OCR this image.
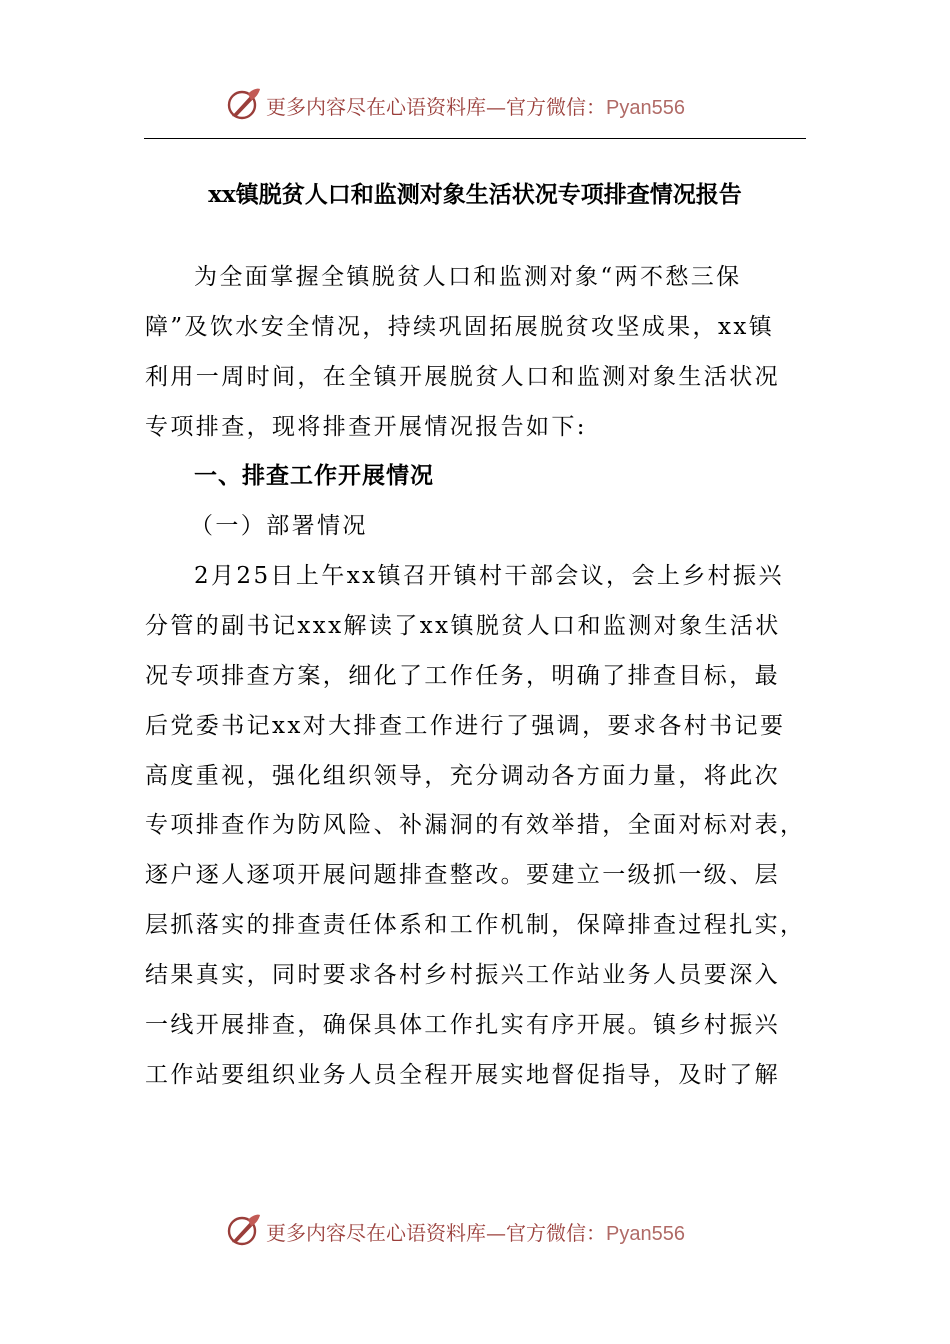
更多内容尽在心语资料库—官方微信：Pyan556
xx镇脱贫人口和监测对象生活状况专项排查情况报告
为全面掌握全镇脱贫人口和监测对象“两不愁三保
障”及饮水安全情况，持续巩固拓展脱贫攻坚成果，xx镇
利用一周时间，在全镇开展脱贫人口和监测对象生活状况
专项排查，现将排查开展情况报告如下:
一、排查工作开展情况
（一）部署情况
2月25日上午xx镇召开镇村干部会议，会上乡村振兴
分管的副书记xxx解读了xx镇脱贫人口和监测对象生活状
况专项排查方案，细化了工作任务，明确了排查目标，最
后党委书记xx对大排查工作进行了强调，要求各村书记要
高度重视，强化组织领导，充分调动各方面力量，将此次
专项排查作为防风险、补漏洞的有效举措，全面对标对表，
逐户逐人逐项开展问题排查整改。要建立一级抓一级、层
层抓落实的排查责任体系和工作机制，保障排查过程扎实，
结果真实，同时要求各村乡村振兴工作站业务人员要深入
一线开展排查，确保具体工作扎实有序开展。镇乡村振兴
工作站要组织业务人员全程开展实地督促指导，及时了解
更多内容尽在心语资料库—官方微信：Pyan556
